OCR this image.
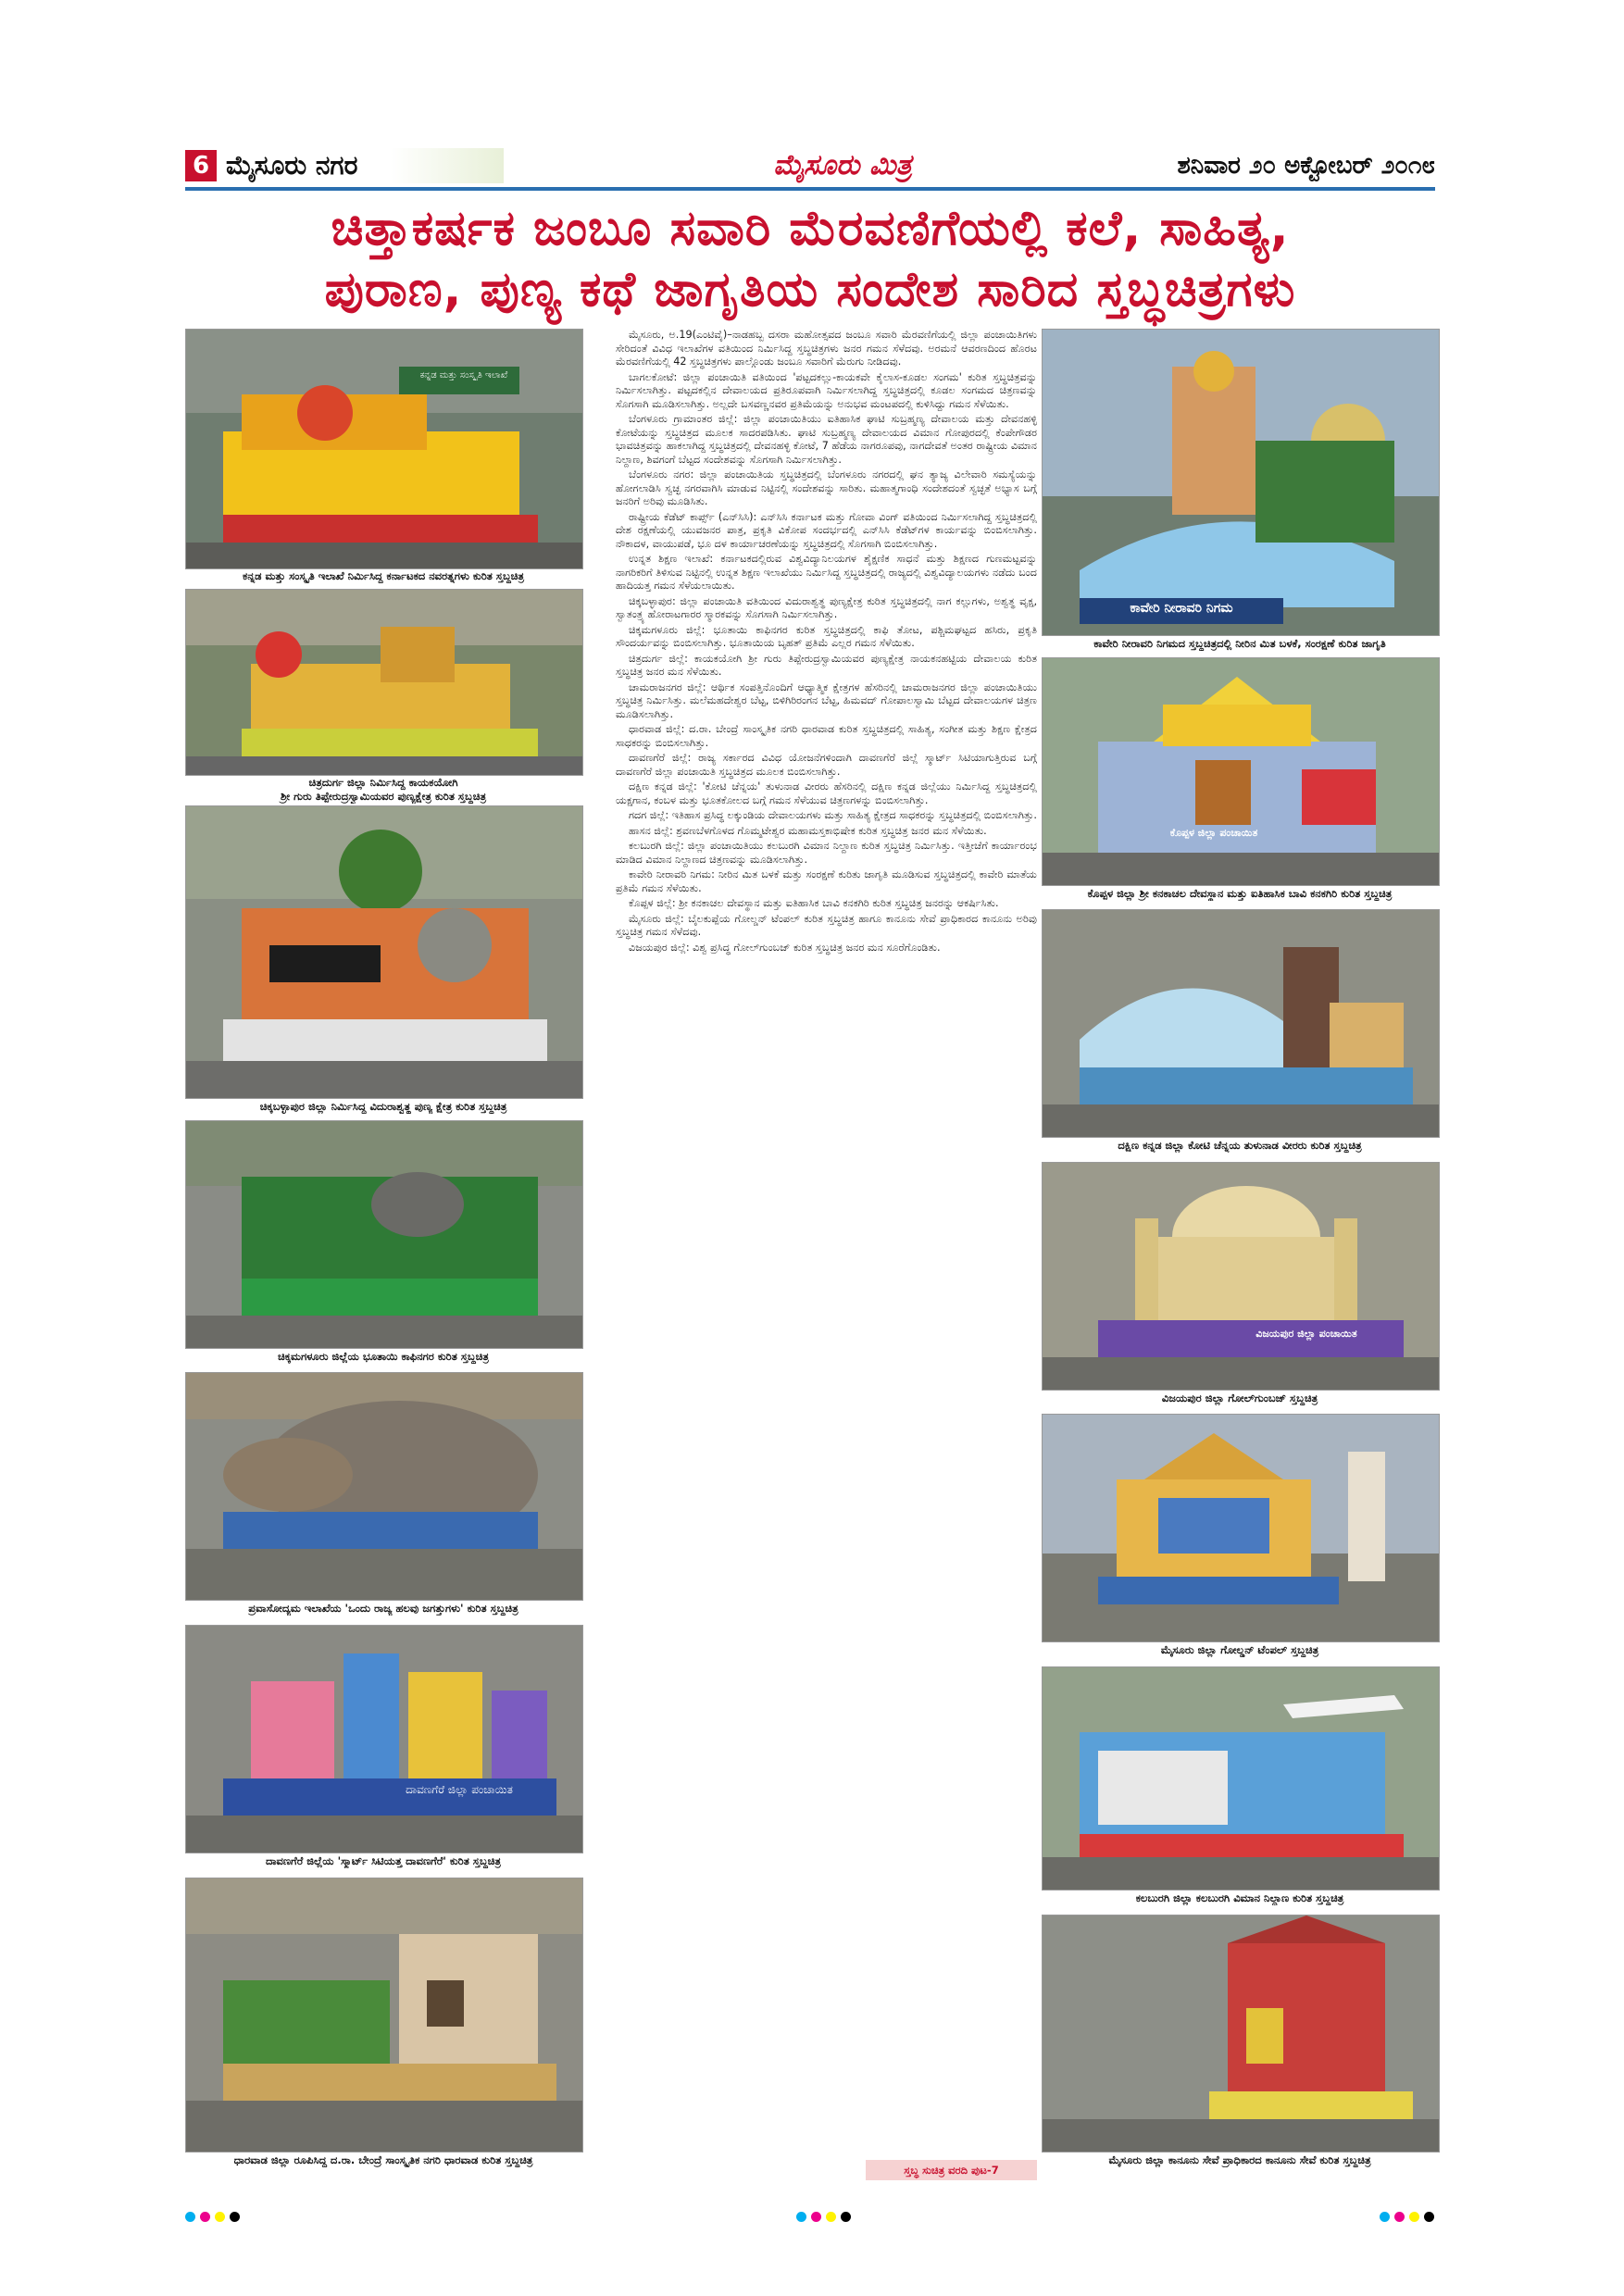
6 ಮೈಸೂರು ನಗರ	ಮೈಸೂರು ಮಿತ್ರ	ಶನಿವಾರ ೨೦ ಅಕ್ಟೋಬರ್ ೨೦೧೮
ಚಿತ್ತಾಕರ್ಷಕ ಜಂಬೂ ಸವಾರಿ ಮೆರವಣಿಗೆಯಲ್ಲಿ ಕಲೆ, ಸಾಹಿತ್ಯ,
ಪುರಾಣ, ಪುಣ್ಯ ಕಥೆ ಜಾಗೃತಿಯ ಸಂದೇಶ ಸಾರಿದ ಸ್ತಬ್ಧಚಿತ್ರಗಳು
ಕನ್ನಡ ಮತ್ತು ಸಂಸ್ಕೃತಿ ಇಲಾಖೆ
ಕನ್ನಡ ಮತ್ತು ಸಂಸ್ಕೃತಿ ಇಲಾಖೆ ನಿರ್ಮಿಸಿದ್ದ ಕರ್ನಾಟಕದ ನವರತ್ನಗಳು ಕುರಿತ ಸ್ತಬ್ಧಚಿತ್ರ
ಚಿತ್ರದುರ್ಗ ಜಿಲ್ಲಾ ನಿರ್ಮಿಸಿದ್ದ ಕಾಯಕಯೋಗಿ
ಶ್ರೀ ಗುರು ತಿಪ್ಪೇರುದ್ರಸ್ವಾಮಿಯವರ ಪುಣ್ಯಕ್ಷೇತ್ರ ಕುರಿತ ಸ್ತಬ್ಧಚಿತ್ರ
ಚಿಕ್ಕಬಳ್ಳಾಪುರ ಜಿಲ್ಲಾ ನಿರ್ಮಿಸಿದ್ದ ವಿದುರಾಶ್ವತ್ಥ ಪುಣ್ಯ ಕ್ಷೇತ್ರ ಕುರಿತ ಸ್ತಬ್ಧಚಿತ್ರ
ಚಿಕ್ಕಮಗಳೂರು ಜಿಲ್ಲೆಯ ಭೂತಾಯಿ ಕಾಫಿನಗರ ಕುರಿತ ಸ್ತಬ್ಧಚಿತ್ರ
ಪ್ರವಾಸೋದ್ಯಮ ಇಲಾಖೆಯ 'ಒಂದು ರಾಜ್ಯ ಹಲವು ಜಗತ್ತುಗಳು' ಕುರಿತ ಸ್ತಬ್ಧಚಿತ್ರ
ದಾವಣಗೆರೆ ಜಿಲ್ಲಾ ಪಂಚಾಯಿತ
ದಾವಣಗೆರೆ ಜಿಲ್ಲೆಯ 'ಸ್ಮಾರ್ಟ್ ಸಿಟಿಯತ್ತ ದಾವಣಗೆರೆ' ಕುರಿತ ಸ್ತಬ್ಧಚಿತ್ರ
ಧಾರವಾಡ ಜಿಲ್ಲಾ ರೂಪಿಸಿದ್ದ ದ.ರಾ. ಬೇಂದ್ರೆ ಸಾಂಸ್ಕೃತಿಕ ನಗರಿ ಧಾರವಾಡ ಕುರಿತ ಸ್ತಬ್ಧಚಿತ್ರ

ಮೈಸೂರು, ಅ.19(ಎಂಟಿವೈ)–ನಾಡಹಬ್ಬ ದಸರಾ ಮಹೋತ್ಸವದ ಜಂಬೂ ಸವಾರಿ ಮೆರವಣಿಗೆಯಲ್ಲಿ ಜಿಲ್ಲಾ ಪಂಚಾಯಿತಿಗಳು ಸೇರಿದಂತೆ ವಿವಿಧ ಇಲಾಖೆಗಳ ವತಿಯಿಂದ ನಿರ್ಮಿಸಿದ್ದ ಸ್ತಬ್ಧಚಿತ್ರಗಳು ಜನರ ಗಮನ ಸೆಳೆದವು. ಅರಮನೆ ಆವರಣದಿಂದ ಹೊರಟ ಮೆರವಣಿಗೆಯಲ್ಲಿ 42 ಸ್ತಬ್ಧಚಿತ್ರಗಳು ಪಾಲ್ಗೊಂಡು ಜಂಬೂ ಸವಾರಿಗೆ ಮೆರುಗು ನೀಡಿದವು.

ಬಾಗಲಕೋಟೆ: ಜಿಲ್ಲಾ ಪಂಚಾಯಿತಿ ವತಿಯಿಂದ 'ಪಟ್ಟದಕಲ್ಲು-ಕಾಯಕವೇ ಕೈಲಾಸ-ಕೂಡಲ ಸಂಗಮ' ಕುರಿತ ಸ್ತಬ್ಧಚಿತ್ರವನ್ನು ನಿರ್ಮಿಸಲಾಗಿತ್ತು. ಪಟ್ಟದಕಲ್ಲಿನ ದೇವಾಲಯದ ಪ್ರತಿರೂಪವಾಗಿ ನಿರ್ಮಿಸಲಾಗಿದ್ದ ಸ್ತಬ್ಧಚಿತ್ರದಲ್ಲಿ ಕೂಡಲ ಸಂಗಮದ ಚಿತ್ರಣವನ್ನು ಸೊಗಸಾಗಿ ಮೂಡಿಸಲಾಗಿತ್ತು. ಅಲ್ಲದೇ ಬಸವಣ್ಣನವರ ಪ್ರತಿಮೆಯನ್ನು ಅನುಭವ ಮಂಟಪದಲ್ಲಿ ಕುಳಿಸಿದ್ದು ಗಮನ ಸೆಳೆಯಿತು.

ಬೆಂಗಳೂರು ಗ್ರಾಮಾಂತರ ಜಿಲ್ಲೆ: ಜಿಲ್ಲಾ ಪಂಚಾಯಿತಿಯು ಐತಿಹಾಸಿಕ ಘಾಟಿ ಸುಬ್ರಹ್ಮಣ್ಯ ದೇವಾಲಯ ಮತ್ತು ದೇವನಹಳ್ಳಿ ಕೋಟೆಯನ್ನು ಸ್ತಬ್ಧಚಿತ್ರದ ಮೂಲಕ ಸಾದರಪಡಿಸಿತು. ಘಾಟಿ ಸುಬ್ರಹ್ಮಣ್ಯ ದೇವಾಲಯದ ವಿಮಾನ ಗೋಪುರದಲ್ಲಿ ಕೆಂಪೇಗೌಡರ ಭಾವಚಿತ್ರವನ್ನು ಹಾಕಲಾಗಿದ್ದ ಸ್ತಬ್ಧಚಿತ್ರದಲ್ಲಿ ದೇವನಹಳ್ಳಿ ಕೋಟೆ, 7 ಹೆಡೆಯ ನಾಗರೂಪವು, ನಾಗದೇವತೆ ಅಂತರ ರಾಷ್ಟ್ರೀಯ ವಿಮಾನ ನಿಲ್ದಾಣ, ಶಿವಗಂಗೆ ಬೆಟ್ಟದ ಸಂದೇಶವನ್ನು ಸೊಗಸಾಗಿ ನಿರ್ಮಿಸಲಾಗಿತ್ತು.

ಬೆಂಗಳೂರು ನಗರ: ಜಿಲ್ಲಾ ಪಂಚಾಯಿತಿಯ ಸ್ತಬ್ಧಚಿತ್ರದಲ್ಲಿ ಬೆಂಗಳೂರು ನಗರದಲ್ಲಿ ಘನ ತ್ಯಾಜ್ಯ ವಿಲೇವಾರಿ ಸಮಸ್ಯೆಯನ್ನು ಹೋಗಲಾಡಿಸಿ ಸ್ವಚ್ಛ ನಗರವಾಗಿಸಿ ಮಾಡುವ ನಿಟ್ಟಿನಲ್ಲಿ ಸಂದೇಶವನ್ನು ಸಾರಿತು. ಮಹಾತ್ಮಗಾಂಧಿ ಸಂದೇಶದಂತೆ ಸ್ವಚ್ಛತೆ ಅಭ್ಯಾಸ ಬಗ್ಗೆ ಜನರಿಗೆ ಅರಿವು ಮೂಡಿಸಿತು.

ರಾಷ್ಟ್ರೀಯ ಕೆಡೆಟ್ ಕಾರ್ಪ್ಸ್ (ಎನ್‌ಸಿಸಿ): ಎನ್‌ಸಿಸಿ ಕರ್ನಾಟಕ ಮತ್ತು ಗೋವಾ ವಿಂಗ್ ವತಿಯಿಂದ ನಿರ್ಮಿಸಲಾಗಿದ್ದ ಸ್ತಬ್ಧಚಿತ್ರದಲ್ಲಿ ದೇಶ ರಕ್ಷಣೆಯಲ್ಲಿ ಯುವಜನರ ಪಾತ್ರ, ಪ್ರಕೃತಿ ವಿಕೋಪ ಸಂದರ್ಭದಲ್ಲಿ ಎನ್‌ಸಿಸಿ ಕೆಡೆಟ್‌ಗಳ ಕಾರ್ಯವನ್ನು ಬಿಂಬಿಸಲಾಗಿತ್ತು. ನೌಕಾದಳ, ವಾಯುಪಡೆ, ಭೂ ದಳ ಕಾರ್ಯಾಚರಣೆಯನ್ನು ಸ್ತಬ್ಧಚಿತ್ರದಲ್ಲಿ ಸೊಗಸಾಗಿ ಬಿಂಬಿಸಲಾಗಿತ್ತು.

ಉನ್ನತ ಶಿಕ್ಷಣ ಇಲಾಖೆ: ಕರ್ನಾಟಕದಲ್ಲಿರುವ ವಿಶ್ವವಿದ್ಯಾನಿಲಯಗಳ ಶೈಕ್ಷಣಿಕ ಸಾಧನೆ ಮತ್ತು ಶಿಕ್ಷಣದ ಗುಣಮಟ್ಟವನ್ನು ನಾಗರಿಕರಿಗೆ ತಿಳಿಸುವ ನಿಟ್ಟಿನಲ್ಲಿ ಉನ್ನತ ಶಿಕ್ಷಣ ಇಲಾಖೆಯು ನಿರ್ಮಿಸಿದ್ದ ಸ್ತಬ್ಧಚಿತ್ರದಲ್ಲಿ ರಾಜ್ಯದಲ್ಲಿ ವಿಶ್ವವಿದ್ಯಾಲಯಗಳು ನಡೆದು ಬಂದ ಹಾದಿಯತ್ತ ಗಮನ ಸೆಳೆಯಲಾಯಿತು.

ಚಿಕ್ಕಬಳ್ಳಾಪುರ: ಜಿಲ್ಲಾ ಪಂಚಾಯಿತಿ ವತಿಯಿಂದ ವಿದುರಾಶ್ವತ್ಥ ಪುಣ್ಯಕ್ಷೇತ್ರ ಕುರಿತ ಸ್ತಬ್ಧಚಿತ್ರದಲ್ಲಿ ನಾಗ ಕಲ್ಲುಗಳು, ಅಶ್ವತ್ಥ ವೃಕ್ಷ, ಸ್ವಾತಂತ್ರ್ಯ ಹೋರಾಟಗಾರರ ಸ್ಮಾರಕವನ್ನು ಸೊಗಸಾಗಿ ನಿರ್ಮಿಸಲಾಗಿತ್ತು.

ಚಿಕ್ಕಮಗಳೂರು ಜಿಲ್ಲೆ: ಭೂತಾಯಿ ಕಾಫಿನಗರ ಕುರಿತ ಸ್ತಬ್ಧಚಿತ್ರದಲ್ಲಿ ಕಾಫಿ ತೋಟ, ಪಶ್ಚಿಮಘಟ್ಟದ ಹಸಿರು, ಪ್ರಕೃತಿ ಸೌಂದರ್ಯವನ್ನು ಬಿಂಬಿಸಲಾಗಿತ್ತು. ಭೂತಾಯಿಯ ಬೃಹತ್ ಪ್ರತಿಮೆ ಎಲ್ಲರ ಗಮನ ಸೆಳೆಯಿತು.

ಚಿತ್ರದುರ್ಗ ಜಿಲ್ಲೆ: ಕಾಯಕಯೋಗಿ ಶ್ರೀ ಗುರು ತಿಪ್ಪೇರುದ್ರಸ್ವಾಮಿಯವರ ಪುಣ್ಯಕ್ಷೇತ್ರ ನಾಯಕನಹಟ್ಟಿಯ ದೇವಾಲಯ ಕುರಿತ ಸ್ತಬ್ಧಚಿತ್ರ ಜನರ ಮನ ಸೆಳೆಯಿತು.

ಚಾಮರಾಜನಗರ ಜಿಲ್ಲೆ: ಆರ್ಥಿಕ ಸಂಪತ್ತಿನೊಂದಿಗೆ ಆಧ್ಯಾತ್ಮಿಕ ಕ್ಷೇತ್ರಗಳ ಹೆಸರಿನಲ್ಲಿ ಚಾಮರಾಜನಗರ ಜಿಲ್ಲಾ ಪಂಚಾಯಿತಿಯು ಸ್ತಬ್ಧಚಿತ್ರ ನಿರ್ಮಿಸಿತ್ತು. ಮಲೆಮಹದೇಶ್ವರ ಬೆಟ್ಟ, ಬಿಳಿಗಿರಿರಂಗನ ಬೆಟ್ಟ, ಹಿಮವದ್ ಗೋಪಾಲಸ್ವಾಮಿ ಬೆಟ್ಟದ ದೇವಾಲಯಗಳ ಚಿತ್ರಣ ಮೂಡಿಸಲಾಗಿತ್ತು.

ಧಾರವಾಡ ಜಿಲ್ಲೆ: ದ.ರಾ. ಬೇಂದ್ರೆ ಸಾಂಸ್ಕೃತಿಕ ನಗರಿ ಧಾರವಾಡ ಕುರಿತ ಸ್ತಬ್ಧಚಿತ್ರದಲ್ಲಿ ಸಾಹಿತ್ಯ, ಸಂಗೀತ ಮತ್ತು ಶಿಕ್ಷಣ ಕ್ಷೇತ್ರದ ಸಾಧಕರನ್ನು ಬಿಂಬಿಸಲಾಗಿತ್ತು.

ದಾವಣಗೆರೆ ಜಿಲ್ಲೆ: ರಾಜ್ಯ ಸರ್ಕಾರದ ವಿವಿಧ ಯೋಜನೆಗಳಿಂದಾಗಿ ದಾವಣಗೆರೆ ಜಿಲ್ಲೆ ಸ್ಮಾರ್ಟ್ ಸಿಟಿಯಾಗುತ್ತಿರುವ ಬಗ್ಗೆ ದಾವಣಗೆರೆ ಜಿಲ್ಲಾ ಪಂಚಾಯಿತಿ ಸ್ತಬ್ಧಚಿತ್ರದ ಮೂಲಕ ಬಿಂಬಿಸಲಾಗಿತ್ತು.

ದಕ್ಷಿಣ ಕನ್ನಡ ಜಿಲ್ಲೆ: 'ಕೋಟಿ ಚೆನ್ನಯ' ತುಳುನಾಡ ವೀರರು ಹೆಸರಿನಲ್ಲಿ ದಕ್ಷಿಣ ಕನ್ನಡ ಜಿಲ್ಲೆಯು ನಿರ್ಮಿಸಿದ್ದ ಸ್ತಬ್ಧಚಿತ್ರದಲ್ಲಿ ಯಕ್ಷಗಾನ, ಕಂಬಳ ಮತ್ತು ಭೂತಕೋಲದ ಬಗ್ಗೆ ಗಮನ ಸೆಳೆಯುವ ಚಿತ್ರಣಗಳನ್ನು ಬಿಂಬಿಸಲಾಗಿತ್ತು.

ಗದಗ ಜಿಲ್ಲೆ: ಇತಿಹಾಸ ಪ್ರಸಿದ್ಧ ಲಕ್ಕುಂಡಿಯ ದೇವಾಲಯಗಳು ಮತ್ತು ಸಾಹಿತ್ಯ ಕ್ಷೇತ್ರದ ಸಾಧಕರನ್ನು ಸ್ತಬ್ಧಚಿತ್ರದಲ್ಲಿ ಬಿಂಬಿಸಲಾಗಿತ್ತು.

ಹಾಸನ ಜಿಲ್ಲೆ: ಶ್ರವಣಬೆಳಗೊಳದ ಗೊಮ್ಮಟೇಶ್ವರ ಮಹಾಮಸ್ತಕಾಭಿಷೇಕ ಕುರಿತ ಸ್ತಬ್ಧಚಿತ್ರ ಜನರ ಮನ ಸೆಳೆಯಿತು.

ಕಲಬುರಗಿ ಜಿಲ್ಲೆ: ಜಿಲ್ಲಾ ಪಂಚಾಯಿತಿಯು ಕಲಬುರಗಿ ವಿಮಾನ ನಿಲ್ದಾಣ ಕುರಿತ ಸ್ತಬ್ಧಚಿತ್ರ ನಿರ್ಮಿಸಿತ್ತು. ಇತ್ತೀಚೆಗೆ ಕಾರ್ಯಾರಂಭ ಮಾಡಿದ ವಿಮಾನ ನಿಲ್ದಾಣದ ಚಿತ್ರಣವನ್ನು ಮೂಡಿಸಲಾಗಿತ್ತು.

ಕಾವೇರಿ ನೀರಾವರಿ ನಿಗಮ: ನೀರಿನ ಮಿತ ಬಳಕೆ ಮತ್ತು ಸಂರಕ್ಷಣೆ ಕುರಿತು ಜಾಗೃತಿ ಮೂಡಿಸುವ ಸ್ತಬ್ಧಚಿತ್ರದಲ್ಲಿ ಕಾವೇರಿ ಮಾತೆಯ ಪ್ರತಿಮೆ ಗಮನ ಸೆಳೆಯಿತು.

ಕೊಪ್ಪಳ ಜಿಲ್ಲೆ: ಶ್ರೀ ಕನಕಾಚಲ ದೇವಸ್ಥಾನ ಮತ್ತು ಐತಿಹಾಸಿಕ ಬಾವಿ ಕನಕಗಿರಿ ಕುರಿತ ಸ್ತಬ್ಧಚಿತ್ರ ಜನರನ್ನು ಆಕರ್ಷಿಸಿತು.

ಮೈಸೂರು ಜಿಲ್ಲೆ: ಬೈಲಕುಪ್ಪೆಯ ಗೋಲ್ಡನ್ ಟೆಂಪಲ್ ಕುರಿತ ಸ್ತಬ್ಧಚಿತ್ರ ಹಾಗೂ ಕಾನೂನು ಸೇವೆ ಪ್ರಾಧಿಕಾರದ ಕಾನೂನು ಅರಿವು ಸ್ತಬ್ಧಚಿತ್ರ ಗಮನ ಸೆಳೆದವು.

ವಿಜಯಪುರ ಜಿಲ್ಲೆ: ವಿಶ್ವ ಪ್ರಸಿದ್ಧ ಗೋಲ್‌ಗುಂಬಜ್ ಕುರಿತ ಸ್ತಬ್ಧಚಿತ್ರ ಜನರ ಮನ ಸೂರೆಗೊಂಡಿತು.

ಸ್ತಬ್ಧ ಸುಚಿತ್ರ ವರದಿ ಪುಟ-7
ಕಾವೇರಿ ನೀರಾವರಿ ನಿಗಮ
ಕಾವೇರಿ ನೀರಾವರಿ ನಿಗಮದ ಸ್ತಬ್ಧಚಿತ್ರದಲ್ಲಿ ನೀರಿನ ಮಿತ ಬಳಕೆ, ಸಂರಕ್ಷಣೆ ಕುರಿತ ಜಾಗೃತಿ
ಕೊಪ್ಪಳ ಜಿಲ್ಲಾ ಪಂಚಾಯಿತ
ಕೊಪ್ಪಳ ಜಿಲ್ಲಾ ಶ್ರೀ ಕನಕಾಚಲ ದೇವಸ್ಥಾನ ಮತ್ತು ಐತಿಹಾಸಿಕ ಬಾವಿ ಕನಕಗಿರಿ ಕುರಿತ ಸ್ತಬ್ಧಚಿತ್ರ
ದಕ್ಷಿಣ ಕನ್ನಡ ಜಿಲ್ಲಾ ಕೋಟಿ ಚೆನ್ನಯ ತುಳುನಾಡ ವೀರರು ಕುರಿತ ಸ್ತಬ್ಧಚಿತ್ರ
ವಿಜಯಪುರ ಜಿಲ್ಲಾ ಪಂಚಾಯಿತ
ವಿಜಯಪುರ ಜಿಲ್ಲಾ ಗೋಲ್‌ಗುಂಬಜ್ ಸ್ತಬ್ಧಚಿತ್ರ
ಮೈಸೂರು ಜಿಲ್ಲಾ ಗೋಲ್ಡನ್ ಟೆಂಪಲ್ ಸ್ತಬ್ಧಚಿತ್ರ
ಕಲಬುರಗಿ ಜಿಲ್ಲಾ ಕಲಬುರಗಿ ವಿಮಾನ ನಿಲ್ದಾಣ ಕುರಿತ ಸ್ತಬ್ಧಚಿತ್ರ
ಮೈಸೂರು ಜಿಲ್ಲಾ ಕಾನೂನು ಸೇವೆ ಪ್ರಾಧಿಕಾರದ ಕಾನೂನು ಸೇವೆ ಕುರಿತ ಸ್ತಬ್ಧಚಿತ್ರ
